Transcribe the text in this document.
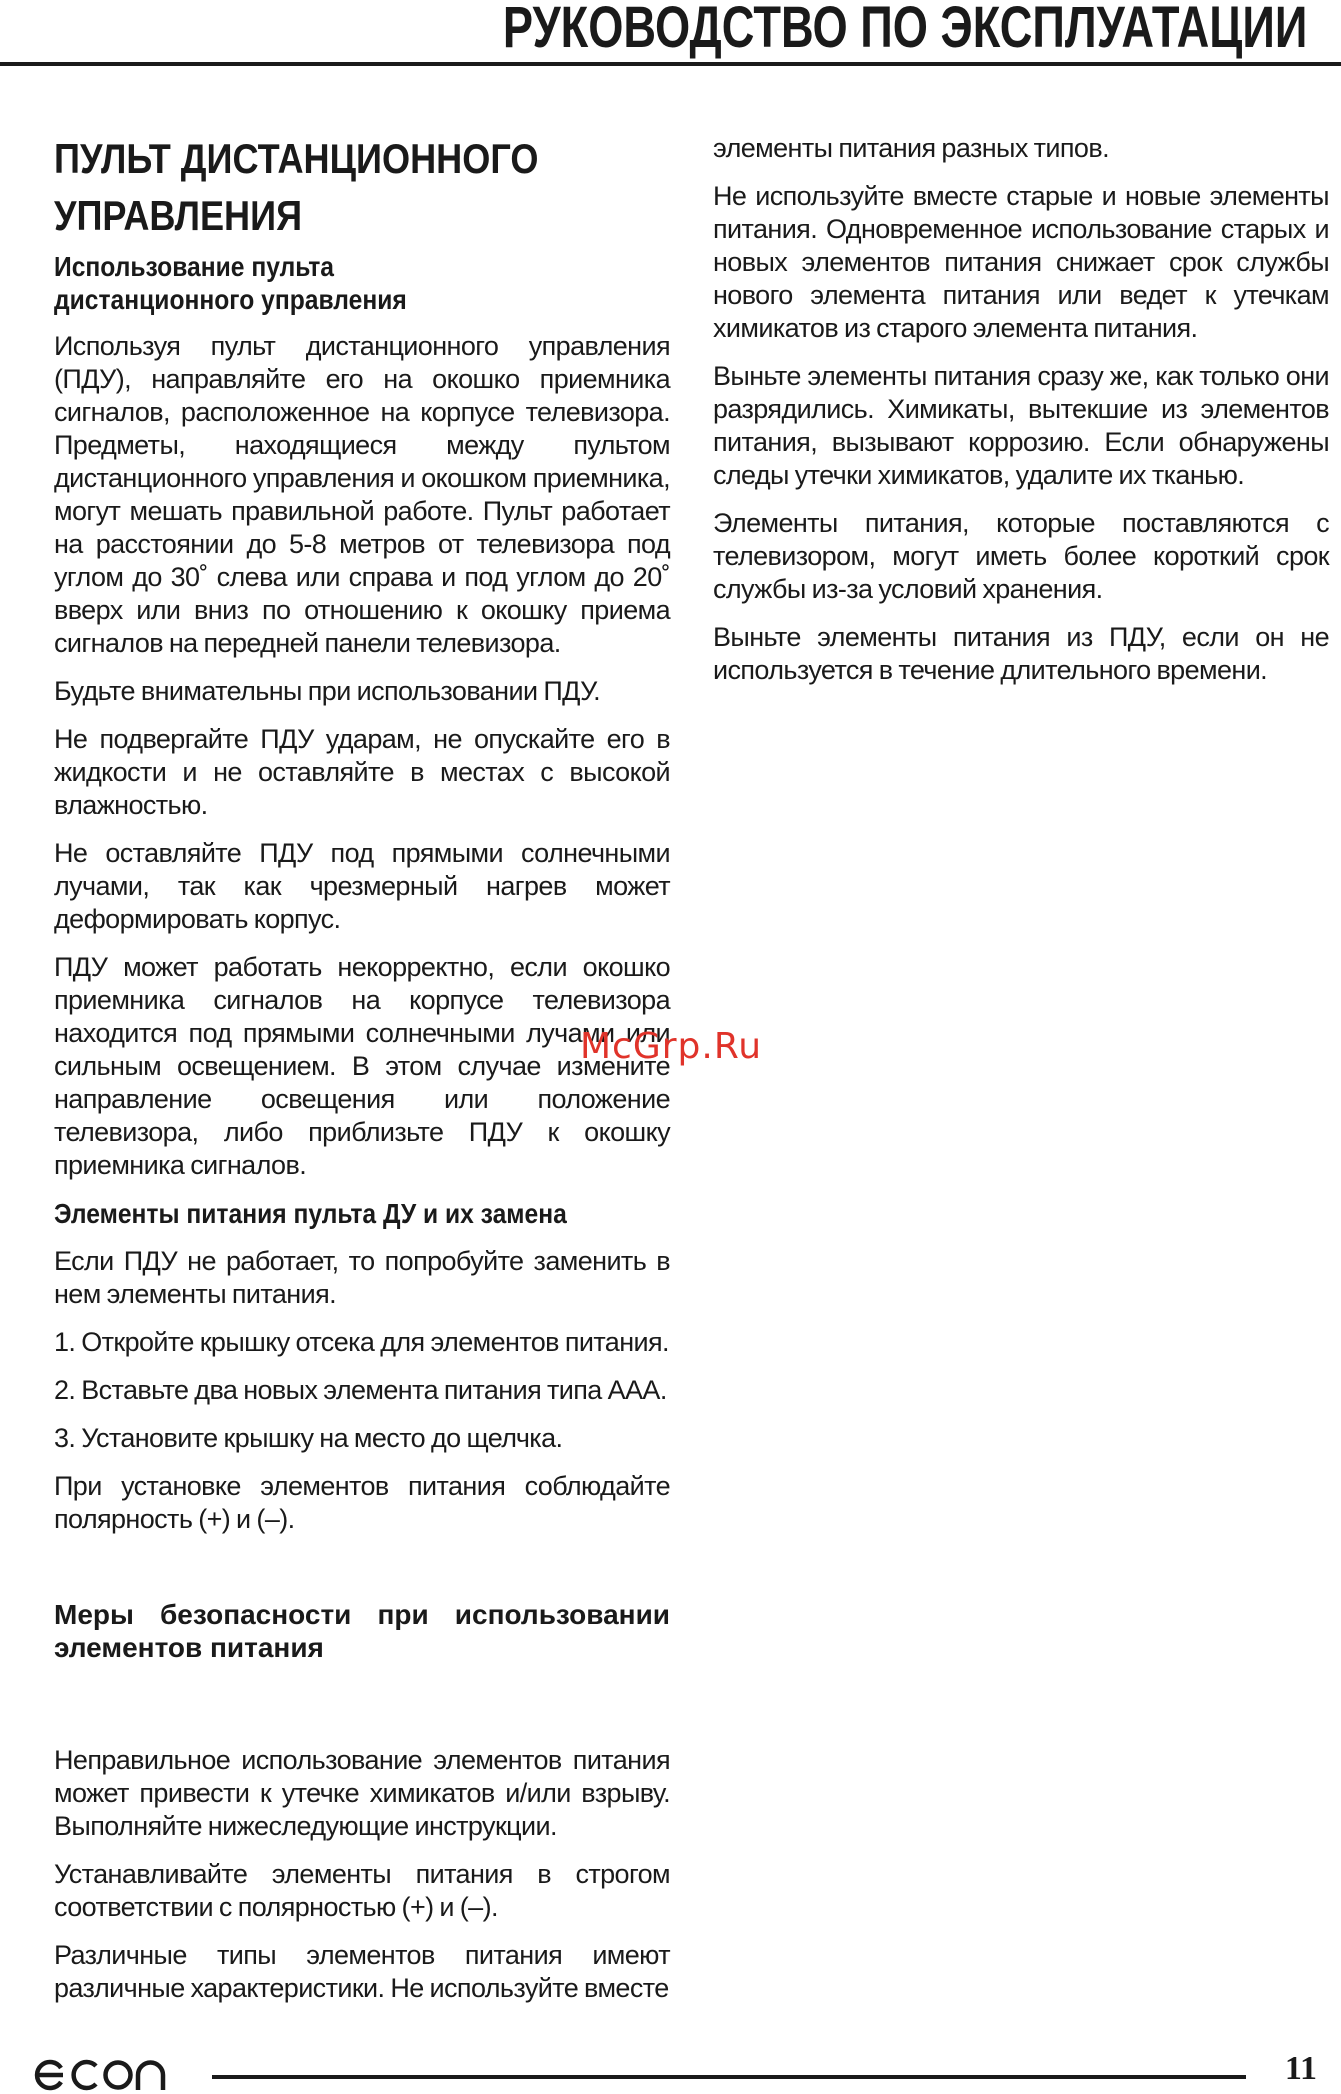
РУКОВОДСТВО ПО ЭКСПЛУАТАЦИИ
ПУЛЬТ ДИСТАНЦИОННОГО
УПРАВЛЕНИЯ
Использование пульта
дистанционного управления

Используя пульт дистанционного управления (ПДУ), направляйте его на окошко приемника сигналов, расположенное на корпусе телевизора. Предметы, находящиеся между пультом дистанционного управления и окошком приемника, могут мешать правильной работе. Пульт работает на расстоянии до 5-8 метров от телевизора под углом до 30˚ слева или справа и под углом до 20˚ вверх или вниз по отношению к окошку приема сигналов на передней панели телевизора.

Будьте внимательны при использовании ПДУ.

Не подвергайте ПДУ ударам, не опускайте его в жидкости и не оставляйте в местах с высокой влажностью.

Не оставляйте ПДУ под прямыми солнечными лучами, так как чрезмерный нагрев может деформировать корпус.

ПДУ может работать некорректно, если окошко приемника сигналов на корпусе телевизора находится под прямыми солнечными лучами или сильным освещением. В этом случае измените направление освещения или положение телевизора, либо приблизьте ПДУ к окошку приемника сигналов.

Элементы питания пульта ДУ и их замена

Если ПДУ не работает, то попробуйте заменить в нем элементы питания.

1. Откройте крышку отсека для элементов питания.

2. Вставьте два новых элемента питания типа ААА.

3. Установите крышку на место до щелчка.

При установке элементов питания соблюдайте полярность (+) и (–).

Меры безопасности при использовании элементов питания

Неправильное использование элементов питания может привести к утечке химикатов и/или взрыву. Выполняйте нижеследующие инструкции.

Устанавливайте элементы питания в строгом соответствии с полярностью (+) и (–).

Различные типы элементов питания имеют различные характеристики. Не используйте вместе

элементы питания разных типов.

Не используйте вместе старые и новые элементы питания. Одновременное использование старых и новых элементов питания снижает срок службы нового элемента питания или ведет к утечкам химикатов из старого элемента питания.

Выньте элементы питания сразу же, как только они разрядились. Химикаты, вытекшие из элементов питания, вызывают коррозию. Если обнаружены следы утечки химикатов, удалите их тканью.

Элементы питания, которые поставляются с телевизором, могут иметь более короткий срок службы из-за условий хранения.

Выньте элементы питания из ПДУ, если он не используется в течение длительного времени.

McGrp.Ru
11
